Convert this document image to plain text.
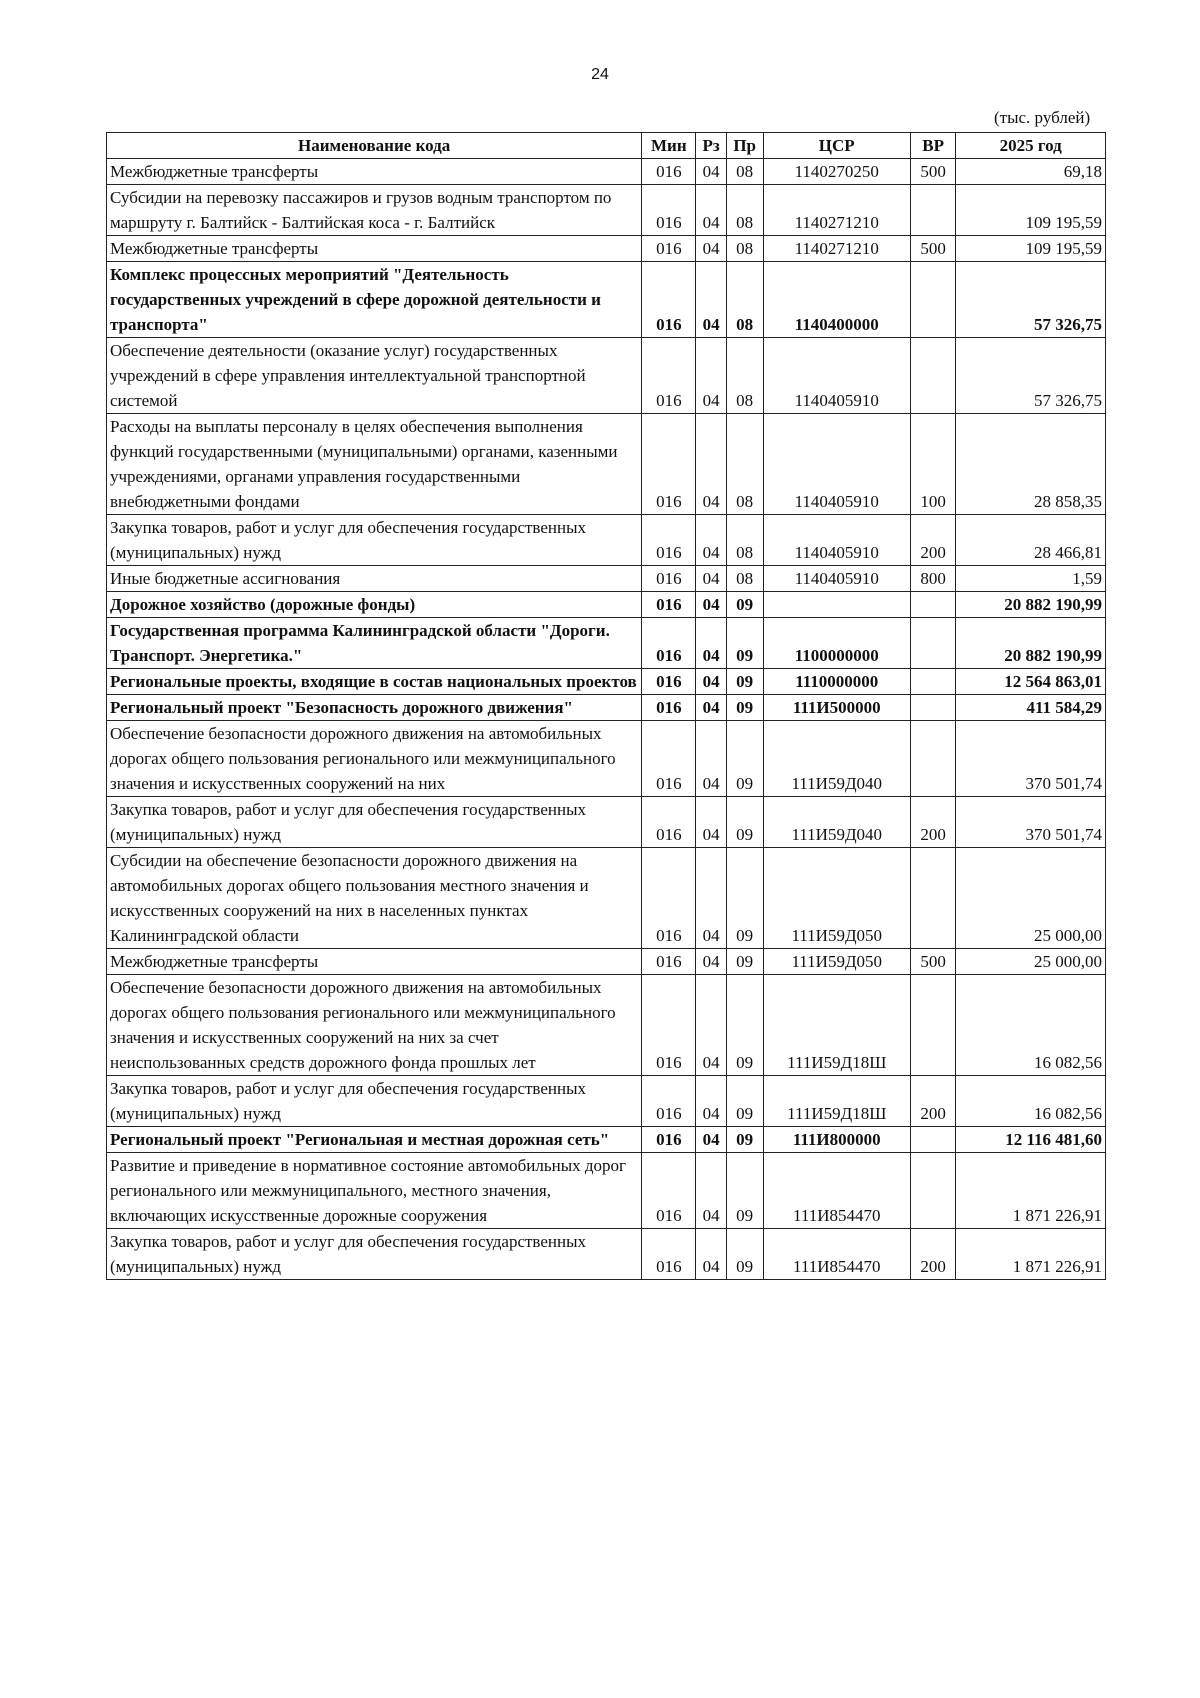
24
(тыс. рублей)
Наименование кода	Мин	Рз	Пр	ЦСР	ВР	2025 год
Межбюджетные трансферты	016	04	08	1140270250	500	69,18
Субсидии на перевозку пассажиров и грузов водным транспортом по маршруту г. Балтийск - Балтийская коса - г. Балтийск	016	04	08	1140271210		109 195,59
Межбюджетные трансферты	016	04	08	1140271210	500	109 195,59
Комплекс процессных мероприятий "Деятельность государственных учреждений в сфере дорожной деятельности и транспорта"	016	04	08	1140400000		57 326,75
Обеспечение деятельности (оказание услуг) государственных учреждений в сфере управления интеллектуальной транспортной системой	016	04	08	1140405910		57 326,75
Расходы на выплаты персоналу в целях обеспечения выполнения функций государственными (муниципальными) органами, казенными учреждениями, органами управления государственными внебюджетными фондами	016	04	08	1140405910	100	28 858,35
Закупка товаров, работ и услуг для обеспечения государственных (муниципальных) нужд	016	04	08	1140405910	200	28 466,81
Иные бюджетные ассигнования	016	04	08	1140405910	800	1,59
Дорожное хозяйство (дорожные фонды)	016	04	09			20 882 190,99
Государственная программа Калининградской области "Дороги. Транспорт. Энергетика."	016	04	09	1100000000		20 882 190,99
Региональные проекты, входящие в состав национальных проектов	016	04	09	1110000000		12 564 863,01
Региональный проект "Безопасность дорожного движения"	016	04	09	111И500000		411 584,29
Обеспечение безопасности дорожного движения на автомобильных дорогах общего пользования регионального или межмуниципального значения и искусственных сооружений на них	016	04	09	111И59Д040		370 501,74
Закупка товаров, работ и услуг для обеспечения государственных (муниципальных) нужд	016	04	09	111И59Д040	200	370 501,74
Субсидии на обеспечение безопасности дорожного движения на автомобильных дорогах общего пользования местного значения и искусственных сооружений на них в населенных пунктах Калининградской области	016	04	09	111И59Д050		25 000,00
Межбюджетные трансферты	016	04	09	111И59Д050	500	25 000,00
Обеспечение безопасности дорожного движения на автомобильных дорогах общего пользования регионального или межмуниципального значения и искусственных сооружений на них за счет неиспользованных средств дорожного фонда прошлых лет	016	04	09	111И59Д18Ш		16 082,56
Закупка товаров, работ и услуг для обеспечения государственных (муниципальных) нужд	016	04	09	111И59Д18Ш	200	16 082,56
Региональный проект "Региональная и местная дорожная сеть"	016	04	09	111И800000		12 116 481,60
Развитие и приведение в нормативное состояние автомобильных дорог регионального или межмуниципального, местного значения, включающих искусственные дорожные сооружения	016	04	09	111И854470		1 871 226,91
Закупка товаров, работ и услуг для обеспечения государственных (муниципальных) нужд	016	04	09	111И854470	200	1 871 226,91
